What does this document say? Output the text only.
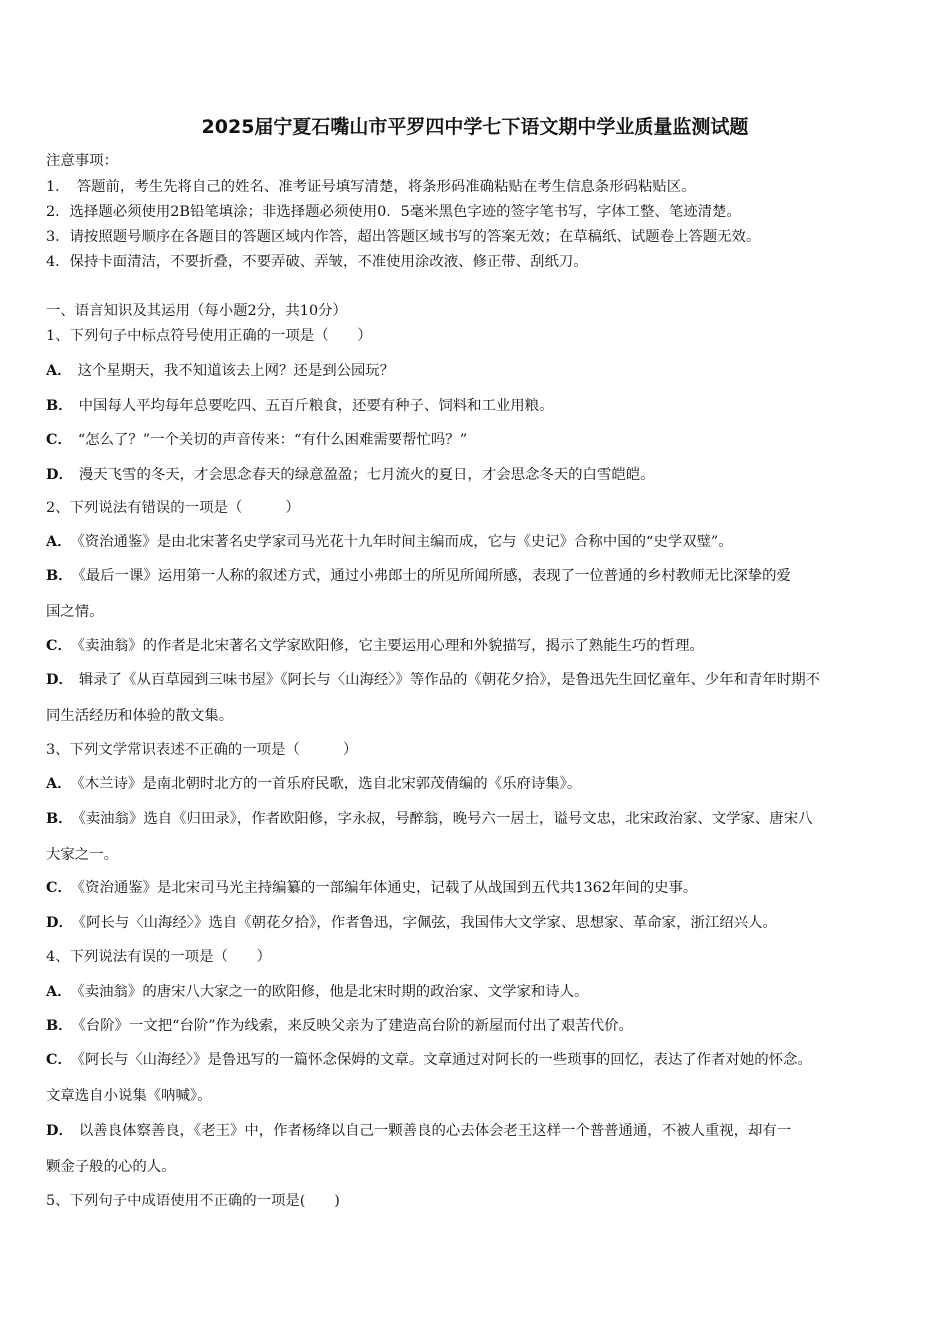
2025届宁夏石嘴山市平罗四中学七下语文期中学业质量监测试题
注意事项：
1．　答题前，考生先将自己的姓名、准考证号填写清楚，将条形码准确粘贴在考生信息条形码粘贴区。
2．选择题必须使用2B铅笔填涂；非选择题必须使用0．5毫米黑色字迹的签字笔书写，字体工整、笔迹清楚。
3．请按照题号顺序在各题目的答题区域内作答，超出答题区域书写的答案无效；在草稿纸、试题卷上答题无效。
4．保持卡面清洁，不要折叠，不要弄破、弄皱，不准使用涂改液、修正带、刮纸刀。
一、语言知识及其运用（每小题2分，共10分）
1、下列句子中标点符号使用正确的一项是（　　）
A． 这个星期天，我不知道该去上网？还是到公园玩？
B． 中国每人平均每年总要吃四、五百斤粮食，还要有种子、饲料和工业用粮。
C． “怎么了？”一个关切的声音传来：“有什么困难需要帮忙吗？”
D． 漫天飞雪的冬天，才会思念春天的绿意盈盈；七月流火的夏日，才会思念冬天的白雪皑皑。
2、下列说法有错误的一项是（　　　）
A． 《资治通鉴》是由北宋著名史学家司马光花十九年时间主编而成，它与《史记》合称中国的“史学双璧”。
B． 《最后一课》运用第一人称的叙述方式，通过小弗郎士的所见所闻所感，表现了一位普通的乡村教师无比深挚的爱
国之情。
C． 《卖油翁》的作者是北宋著名文学家欧阳修，它主要运用心理和外貌描写，揭示了熟能生巧的哲理。
D． 辑录了《从百草园到三味书屋》《阿长与〈山海经〉》等作品的《朝花夕拾》，是鲁迅先生回忆童年、少年和青年时期不
同生活经历和体验的散文集。
3、下列文学常识表述不正确的一项是（　　　）
A． 《木兰诗》是南北朝时北方的一首乐府民歌，选自北宋郭茂倩编的《乐府诗集》。
B． 《卖油翁》选自《归田录》，作者欧阳修，字永叔，号醉翁，晚号六一居士，谥号文忠，北宋政治家、文学家、唐宋八
大家之一。
C． 《资治通鉴》是北宋司马光主持编纂的一部编年体通史，记载了从战国到五代共1362年间的史事。
D． 《阿长与〈山海经〉》选自《朝花夕拾》，作者鲁迅，字佩弦，我国伟大文学家、思想家、革命家，浙江绍兴人。
4、下列说法有误的一项是（　　）
A． 《卖油翁》的唐宋八大家之一的欧阳修，他是北宋时期的政治家、文学家和诗人。
B． 《台阶》一文把“台阶”作为线索，来反映父亲为了建造高台阶的新屋而付出了艰苦代价。
C． 《阿长与〈山海经〉》是鲁迅写的一篇怀念保姆的文章。文章通过对阿长的一些琐事的回忆，表达了作者对她的怀念。
文章选自小说集《呐喊》。
D． 以善良体察善良，《老王》中，作者杨绛以自己一颗善良的心去体会老王这样一个普普通通，不被人重视，却有一
颗金子般的心的人。
5、下列句子中成语使用不正确的一项是(　　)
